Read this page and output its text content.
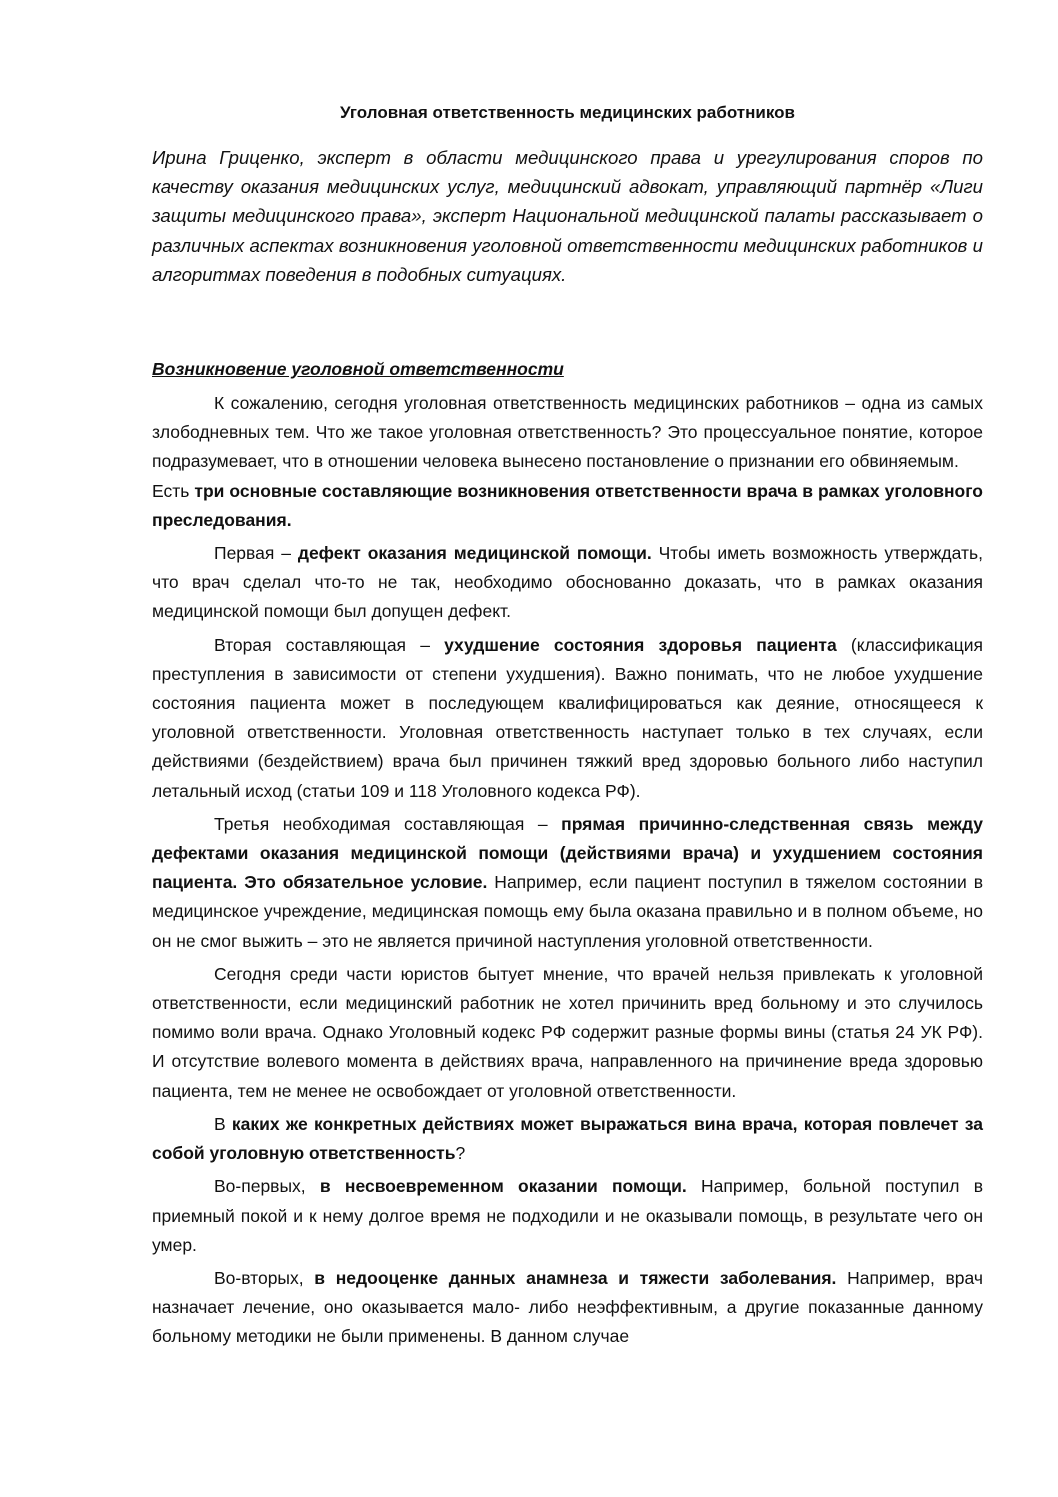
Уголовная ответственность медицинских работников

Ирина Гриценко, эксперт в области медицинского права и урегулирования споров по качеству оказания медицинских услуг, медицинский адвокат, управляющий партнёр «Лиги защиты медицинского права», эксперт Национальной медицинской палаты рассказывает о различных аспектах возникновения уголовной ответственности медицинских работников и алгоритмах поведения в подобных ситуациях.

Возникновение уголовной ответственности

К сожалению, сегодня уголовная ответственность медицинских работников – одна из самых злободневных тем. Что же такое уголовная ответственность? Это процессуальное понятие, которое подразумевает, что в отношении человека вынесено постановление о признании его обвиняемым.

Есть три основные составляющие возникновения ответственности врача в рамках уголовного преследования.

Первая – дефект оказания медицинской помощи. Чтобы иметь возможность утверждать, что врач сделал что-то не так, необходимо обоснованно доказать, что в рамках оказания медицинской помощи был допущен дефект.

Вторая составляющая – ухудшение состояния здоровья пациента (классификация преступления в зависимости от степени ухудшения). Важно понимать, что не любое ухудшение состояния пациента может в последующем квалифицироваться как деяние, относящееся к уголовной ответственности. Уголовная ответственность наступает только в тех случаях, если действиями (бездействием) врача был причинен тяжкий вред здоровью больного либо наступил летальный исход (статьи 109 и 118 Уголовного кодекса РФ).

Третья необходимая составляющая – прямая причинно-следственная связь между дефектами оказания медицинской помощи (действиями врача) и ухудшением состояния пациента. Это обязательное условие. Например, если пациент поступил в тяжелом состоянии в медицинское учреждение, медицинская помощь ему была оказана правильно и в полном объеме, но он не смог выжить – это не является причиной наступления уголовной ответственности.

Сегодня среди части юристов бытует мнение, что врачей нельзя привлекать к уголовной ответственности, если медицинский работник не хотел причинить вред больному и это случилось помимо воли врача. Однако Уголовный кодекс РФ содержит разные формы вины (статья 24 УК РФ). И отсутствие волевого момента в действиях врача, направленного на причинение вреда здоровью пациента, тем не менее не освобождает от уголовной ответственности.

В каких же конкретных действиях может выражаться вина врача, которая повлечет за собой уголовную ответственность?

Во-первых, в несвоевременном оказании помощи. Например, больной поступил в приемный покой и к нему долгое время не подходили и не оказывали помощь, в результате чего он умер.

Во-вторых, в недооценке данных анамнеза и тяжести заболевания. Например, врач назначает лечение, оно оказывается мало- либо неэффективным, а другие показанные данному больному методики не были применены. В данном случае
